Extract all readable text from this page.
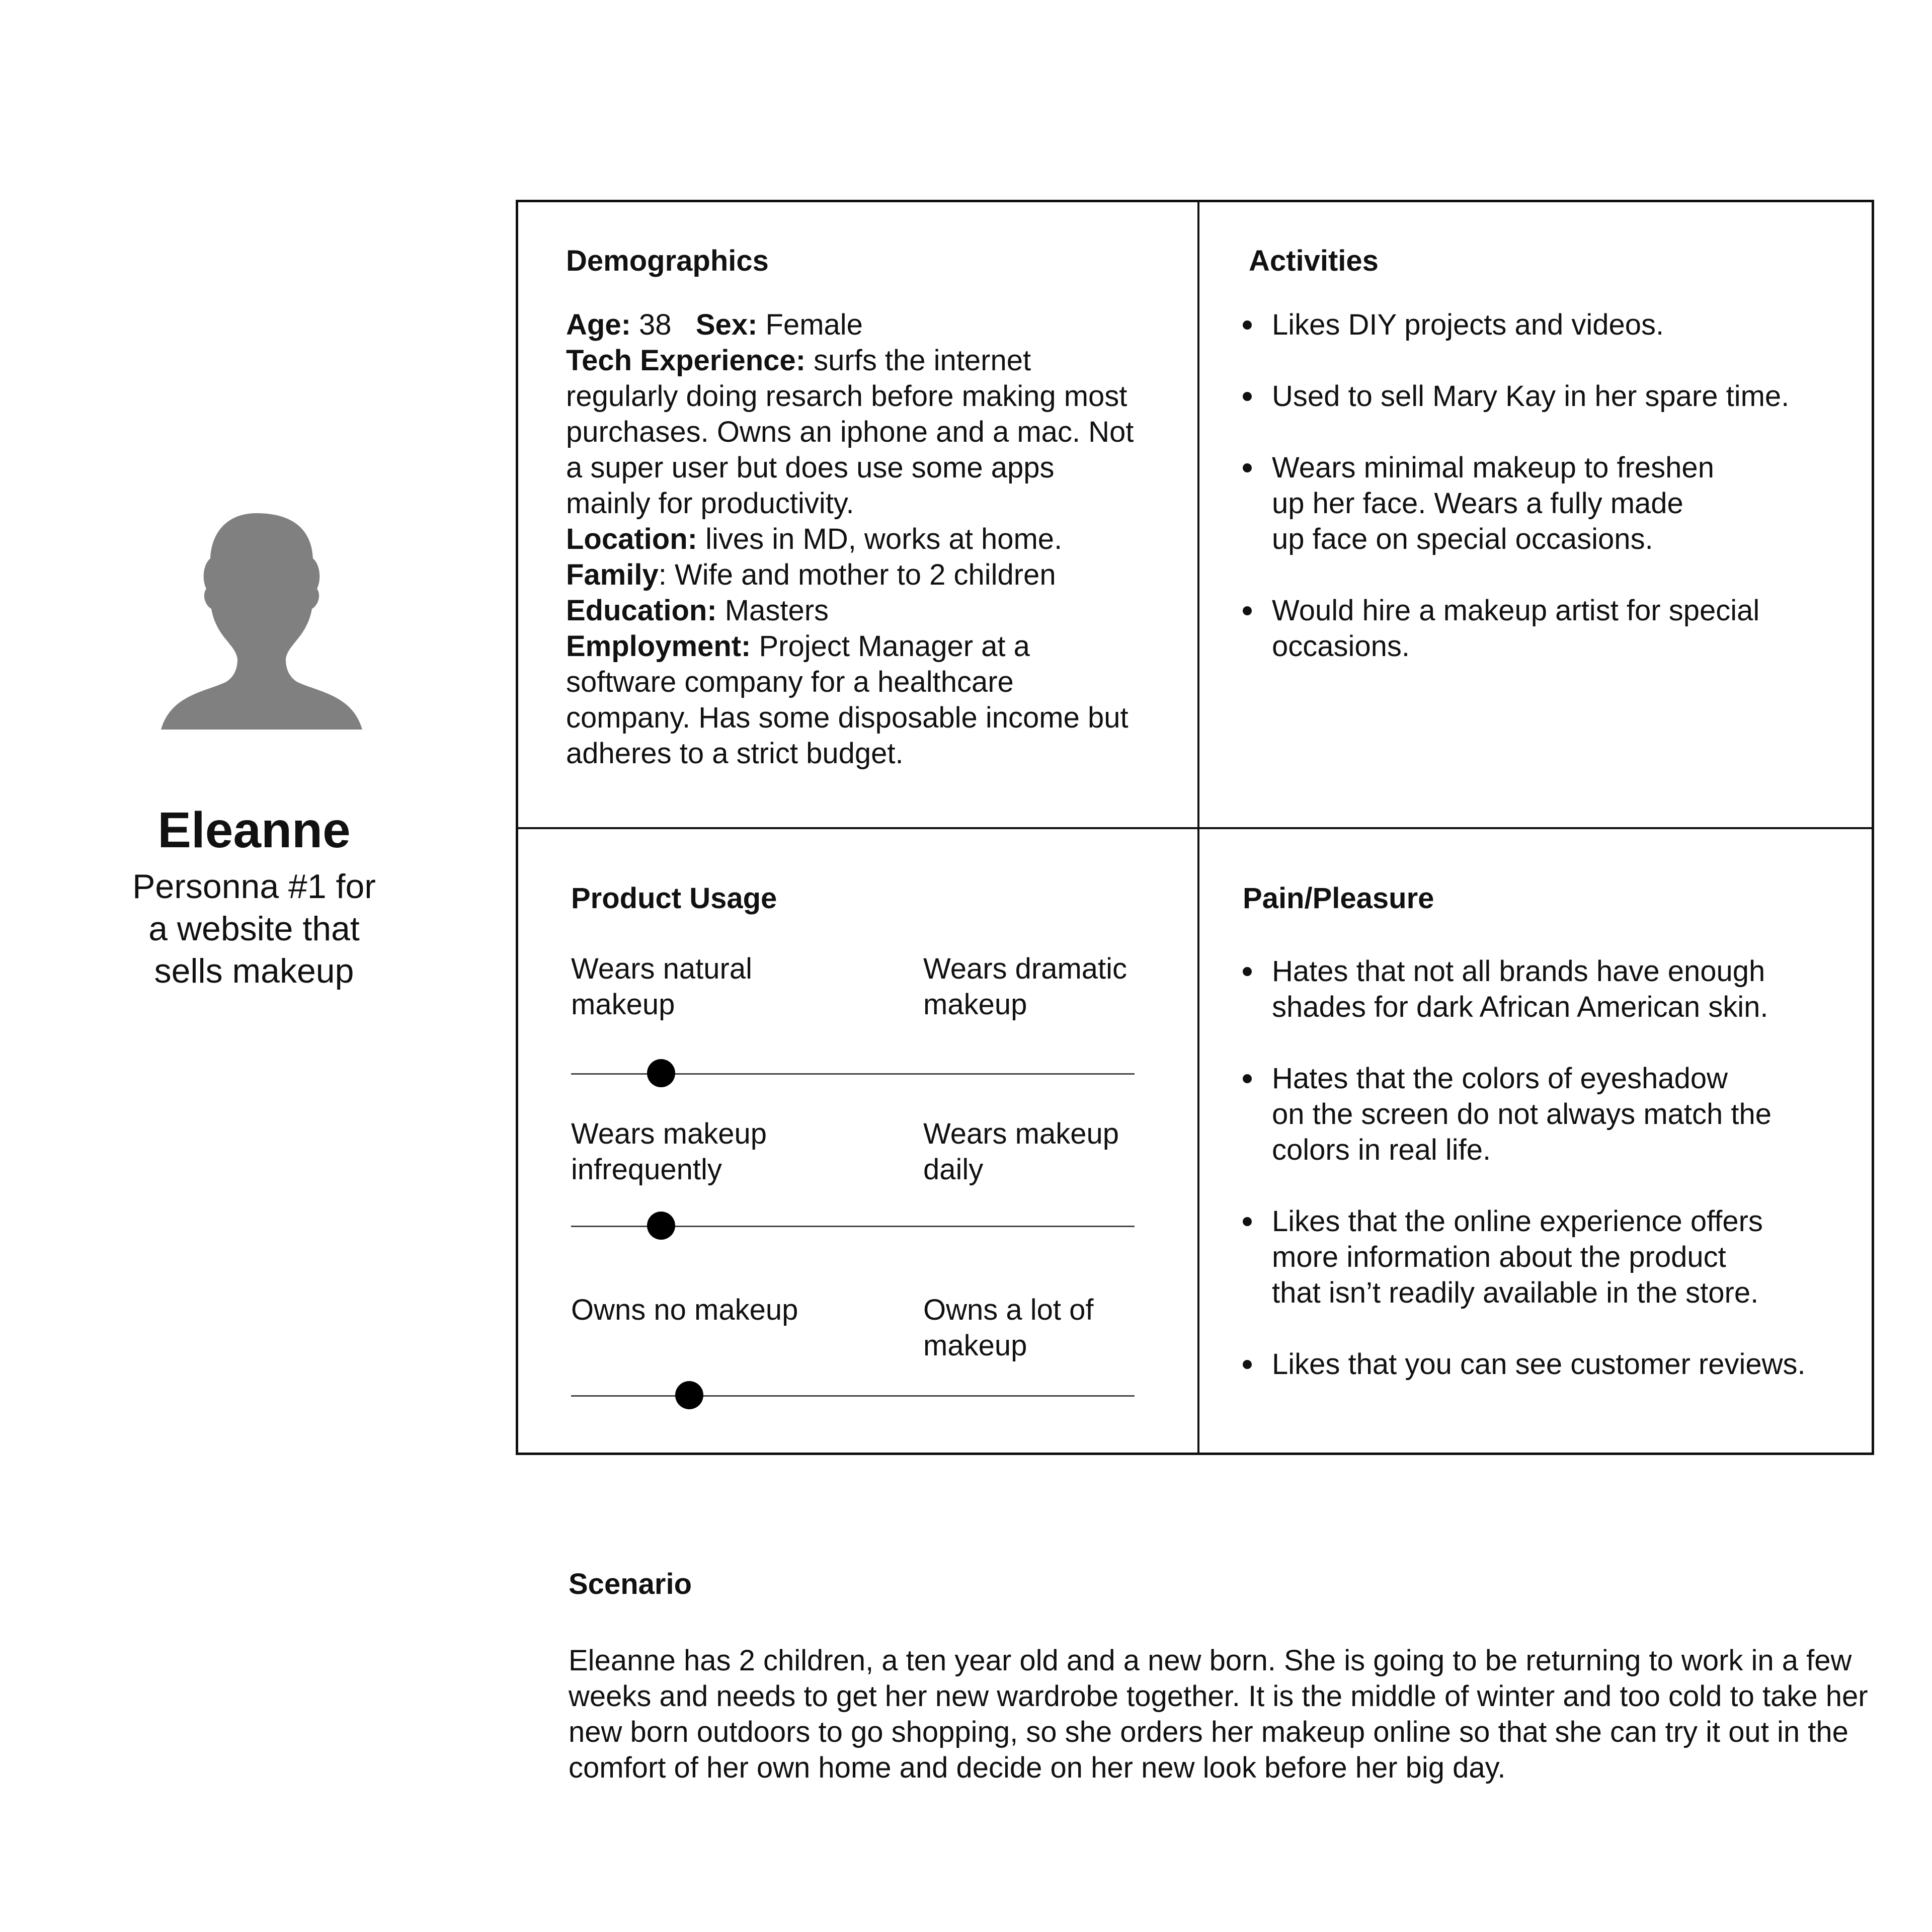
Eleanne
Personna #1 for
a website that
sells makeup
Demographics

Age: 38 Sex: Female

Tech Experience: surfs the internet regularly doing resarch before making most purchases. Owns an iphone and a mac. Not a super user but does use some apps mainly for productivity.

Location: lives in MD, works at home.

Family: Wife and mother to 2 children

Education: Masters

Employment: Project Manager at a software company for a healthcare company. Has some disposable income but adheres to a strict budget.

Activities
Likes DIY projects and videos.
Used to sell Mary Kay in her spare time.
Wears minimal makeup to freshen
up her face. Wears a fully made
up face on special occasions.
Would hire a makeup artist for special
occasions.
Product Usage
Wears natural
makeup
Wears dramatic
makeup
Wears makeup
infrequently
Wears makeup
daily
Owns no makeup	Owns a lot of
makeup
Pain/Pleasure
Hates that not all brands have enough
shades for dark African American skin.
Hates that the colors of eyeshadow
on the screen do not always match the
colors in real life.
Likes that the online experience offers
more information about the product
that isn’t readily available in the store.
Likes that you can see customer reviews.
Scenario
Eleanne has 2 children, a ten year old and a new born. She is going to be returning to work in a few weeks and needs to get her new wardrobe together. It is the middle of winter and too cold to take her new born outdoors to go shopping, so she orders her makeup online so that she can try it out in the comfort of her own home and decide on her new look before her big day.
